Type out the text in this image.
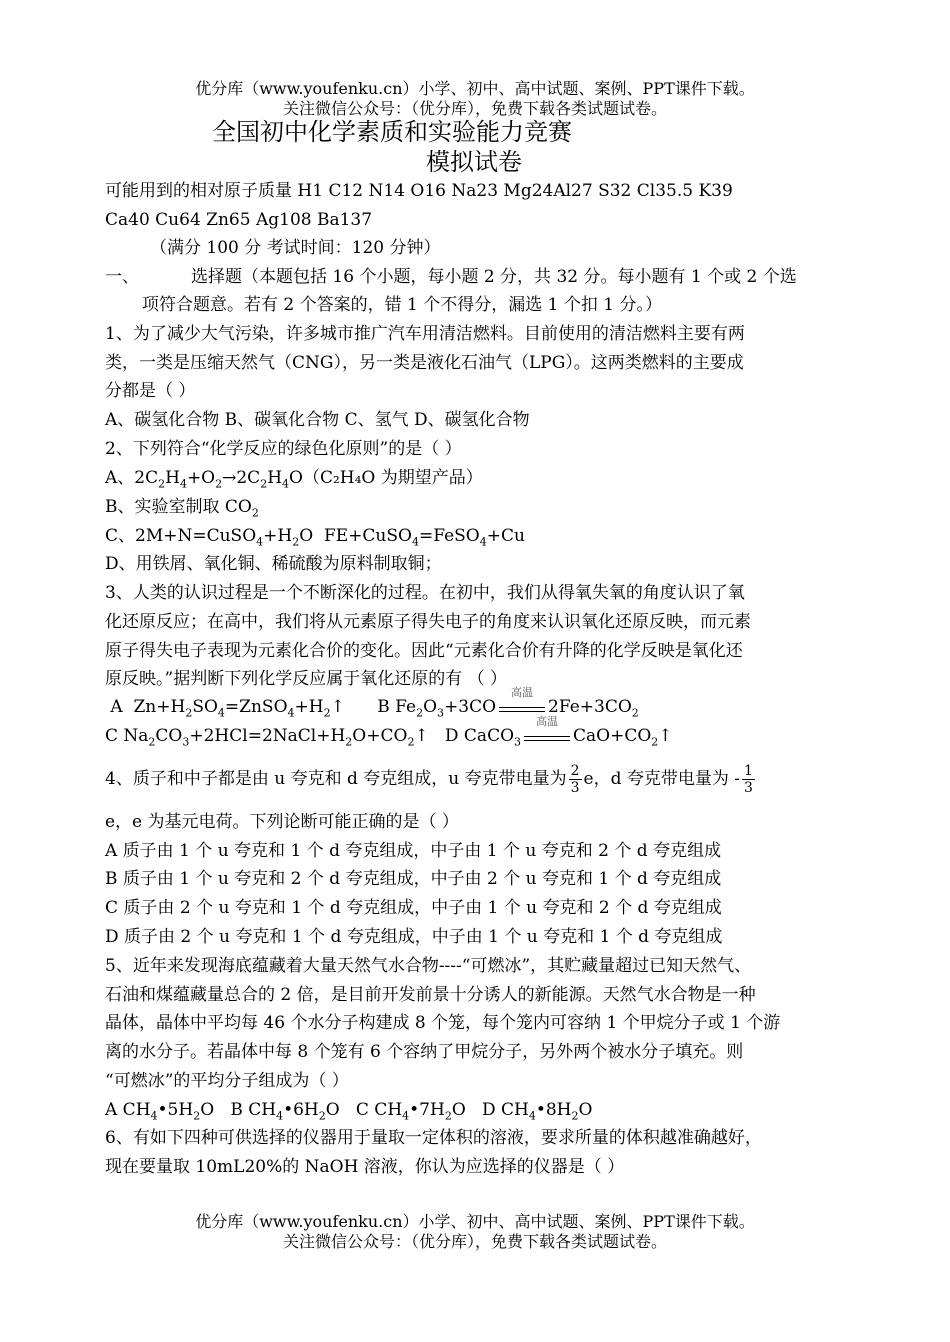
优分库（www.youfenku.cn）小学、初中、高中试题、案例、PPT课件下载。
关注微信公众号：（优分库），免费下载各类试题试卷。
全国初中化学素质和实验能力竞赛
模拟试卷
可能用到的相对原子质量 H1 C12 N14 O16 Na23 Mg24Al27 S32 Cl35.5 K39
Ca40 Cu64 Zn65 Ag108 Ba137
（满分 100 分 考试时间：120 分钟）
一、	选择题（本题包括 16 个小题，每小题 2 分，共 32 分。每小题有 1 个或 2 个选
项符合题意。若有 2 个答案的，错 1 个不得分，漏选 1 个扣 1 分。）
1、为了减少大气污染，许多城市推广汽车用清洁燃料。目前使用的清洁燃料主要有两
类，一类是压缩天然气（CNG），另一类是液化石油气（LPG）。这两类燃料的主要成
分都是（ ）
A、碳氢化合物 B、碳氧化合物 C、氢气 D、碳氢化合物
2、下列符合“化学反应的绿色化原则”的是（ ）
A、$2C_2H_4+O_2\to 2C_2H_4O(C_2H_4O$ 为期望产品）
B、实验室制取 $CO_2$
C、$2M+N=CuSO_4+H_2O$  FE+CuSO$_4$=FeSO$_4$+Cu
D、用铁屑、氧化铜、稀硫酸为原料制取铜；
3、人类的认识过程是一个不断深化的过程。在初中，我们从得氧失氧的角度认识了氧
化还原反应；在高中，我们将从元素原子得失电子的角度来认识氧化还原反映，而元素
原子得失电子表现为元素化合价的变化。因此“元素化合价有升降的化学反映是氧化还
原反映。”据判断下列化学反应属于氧化还原的有 （ ）
A  $Zn+H_2SO_4=ZnSO_4+H_2↑$      B $Fe_2O_3+3CO$
高温
$2Fe+3CO_2$
C $Na_2CO_3+2HCl=2NaCl+H_2O+CO_2↑$   D CaCO$_3$
高温
$CaO+CO_2↑$
4、质子和中子都是由 u 夸克和 d 夸克组成，u 夸克带电量为 $\frac{2}{3}$ e，d 夸克带电量为 - $\frac{1}{3}$
e，e 为基元电荷。下列论断可能正确的是（ ）
A 质子由 1 个 u 夸克和 1 个 d 夸克组成，中子由 1 个 u 夸克和 2 个 d 夸克组成
B 质子由 1 个 u 夸克和 2 个 d 夸克组成，中子由 2 个 u 夸克和 1 个 d 夸克组成
C 质子由 2 个 u 夸克和 1 个 d 夸克组成，中子由 1 个 u 夸克和 2 个 d 夸克组成
D 质子由 2 个 u 夸克和 1 个 d 夸克组成，中子由 1 个 u 夸克和 1 个 d 夸克组成
5、近年来发现海底蕴藏着大量天然气水合物----“可燃冰”，其贮藏量超过已知天然气、
石油和煤蕴藏量总合的 2 倍，是目前开发前景十分诱人的新能源。天然气水合物是一种
晶体，晶体中平均每 46 个水分子构建成 8 个笼，每个笼内可容纳 1 个甲烷分子或 1 个游
离的水分子。若晶体中每 8 个笼有 6 个容纳了甲烷分子，另外两个被水分子填充。则
“可燃冰”的平均分子组成为（ ）
A $CH_4•5H_2O$   B $CH_4•6H_2O$   C $CH_4•7H_2O$   D $CH_4•8H_2O$
6、有如下四种可供选择的仪器用于量取一定体积的溶液，要求所量的体积越准确越好，
现在要量取 10mL20%的 NaOH 溶液，你认为应选择的仪器是（ ）
优分库（www.youfenku.cn）小学、初中、高中试题、案例、PPT课件下载。
关注微信公众号：（优分库），免费下载各类试题试卷。
